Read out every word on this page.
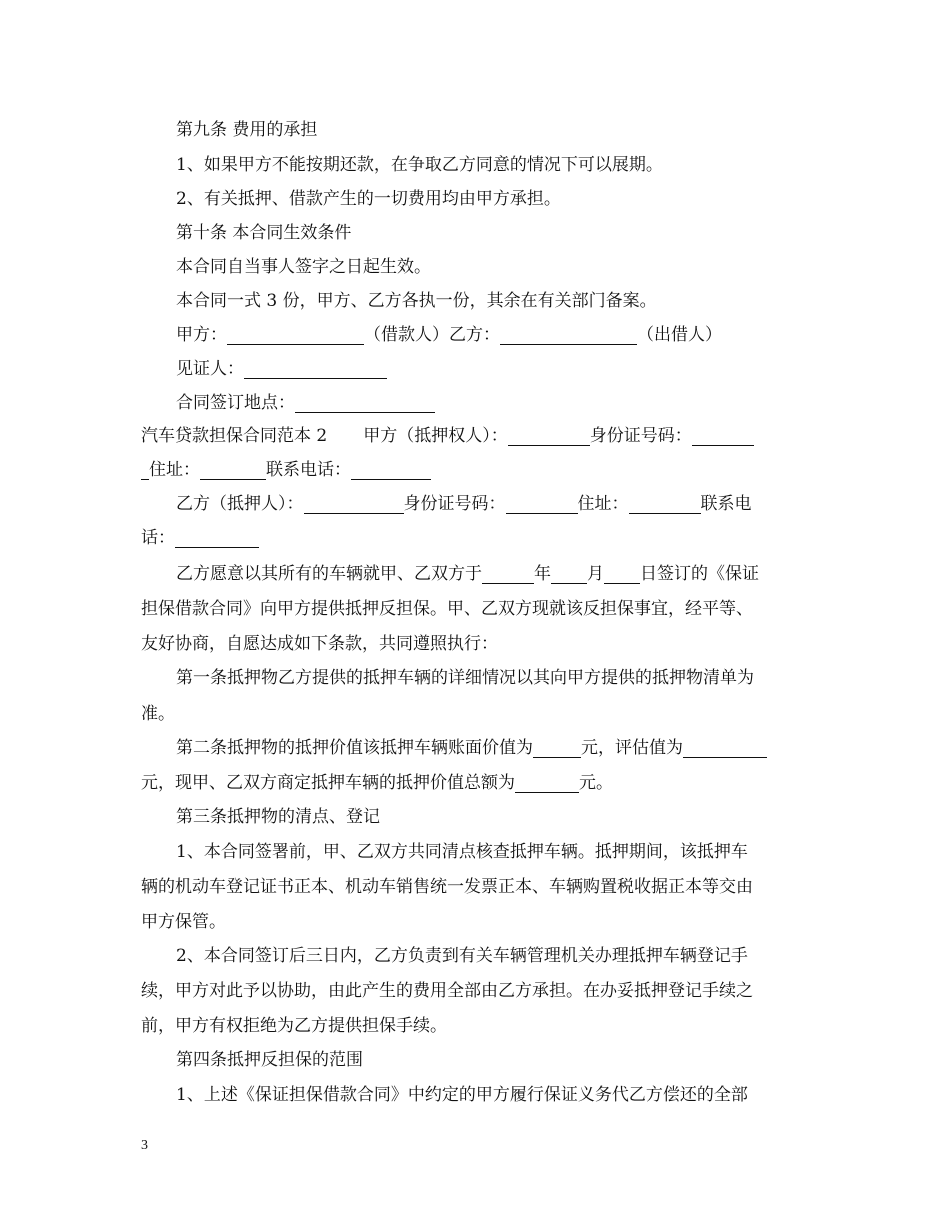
第九条 费用的承担
1、如果甲方不能按期还款，在争取乙方同意的情况下可以展期。
2、有关抵押、借款产生的一切费用均由甲方承担。
第十条 本合同生效条件
本合同自当事人签字之日起生效。
本合同一式 3 份，甲方、乙方各执一份，其余在有关部门备案。
甲方：	（借款人）乙方：	（出借人）
见证人：
合同签订地点：
汽车贷款担保合同范本 2 甲方（抵押权人）：	身份证号码：
住址：	联系电话：
乙方（抵押人）：	身份证号码：	住址：	联系电
话：
乙方愿意以其所有的车辆就甲、乙双方于	年 月 日签订的《保证
担保借款合同》向甲方提供抵押反担保。甲、乙双方现就该反担保事宜，经平等、
友好协商，自愿达成如下条款，共同遵照执行：
第一条抵押物乙方提供的抵押车辆的详细情况以其向甲方提供的抵押物清单为
准。
第二条抵押物的抵押价值该抵押车辆账面价值为	元，评估值为
元，现甲、乙双方商定抵押车辆的抵押价值总额为	元。
第三条抵押物的清点、登记
1、本合同签署前，甲、乙双方共同清点核查抵押车辆。抵押期间，该抵押车
辆的机动车登记证书正本、机动车销售统一发票正本、车辆购置税收据正本等交由
甲方保管。
2、本合同签订后三日内，乙方负责到有关车辆管理机关办理抵押车辆登记手
续，甲方对此予以协助，由此产生的费用全部由乙方承担。在办妥抵押登记手续之
前，甲方有权拒绝为乙方提供担保手续。
第四条抵押反担保的范围
1、上述《保证担保借款合同》中约定的甲方履行保证义务代乙方偿还的全部
3
